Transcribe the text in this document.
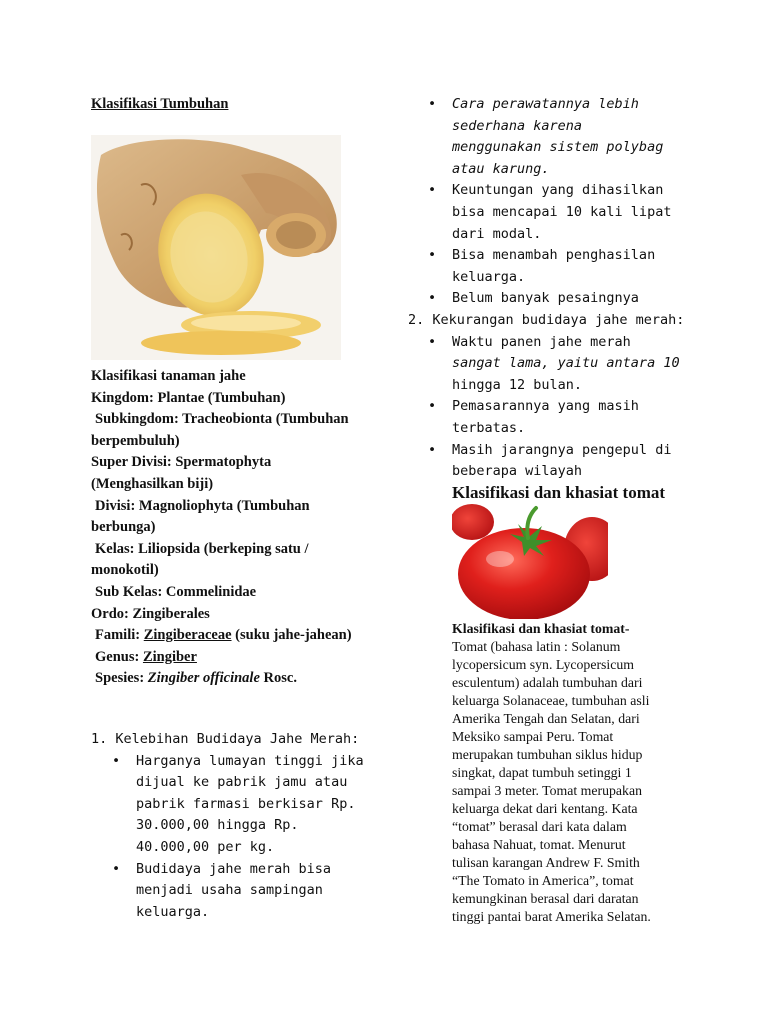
Klasifikasi Tumbuhan
Klasifikasi tanaman jahe
Kingdom: Plantae (Tumbuhan)
Subkingdom: Tracheobionta (Tumbuhan
berpembuluh)
Super Divisi: Spermatophyta
(Menghasilkan biji)
Divisi: Magnoliophyta (Tumbuhan
berbunga)
Kelas: Liliopsida (berkeping satu /
monokotil)
Sub Kelas: Commelinidae
Ordo: Zingiberales
Famili: Zingiberaceae (suku jahe-jahean)
Genus: Zingiber
Spesies: Zingiber officinale Rosc.
1. Kelebihan Budidaya Jahe Merah:
• Harganya lumayan tinggi jika
dijual ke pabrik jamu atau
pabrik farmasi berkisar Rp.
30.000,00 hingga Rp.
40.000,00 per kg.
• Budidaya jahe merah bisa
menjadi usaha sampingan
keluarga.
• Cara perawatannya lebih
sederhana karena
menggunakan sistem polybag
atau karung.
• Keuntungan yang dihasilkan
bisa mencapai 10 kali lipat
dari modal.
• Bisa menambah penghasilan
keluarga.
• Belum banyak pesaingnya
2. Kekurangan budidaya jahe merah:
• Waktu panen jahe merah
sangat lama, yaitu antara 10
hingga 12 bulan.
• Pemasarannya yang masih
terbatas.
• Masih jarangnya pengepul di
beberapa wilayah
Klasifikasi dan khasiat tomat
Klasifikasi dan khasiat tomat-
Tomat (bahasa latin : Solanum
lycopersicum syn. Lycopersicum
esculentum) adalah tumbuhan dari
keluarga Solanaceae, tumbuhan asli
Amerika Tengah dan Selatan, dari
Meksiko sampai Peru. Tomat
merupakan tumbuhan siklus hidup
singkat, dapat tumbuh setinggi 1
sampai 3 meter. Tomat merupakan
keluarga dekat dari kentang. Kata
“tomat” berasal dari kata dalam
bahasa Nahuat, tomat. Menurut
tulisan karangan Andrew F. Smith
“The Tomato in America”, tomat
kemungkinan berasal dari daratan
tinggi pantai barat Amerika Selatan.
